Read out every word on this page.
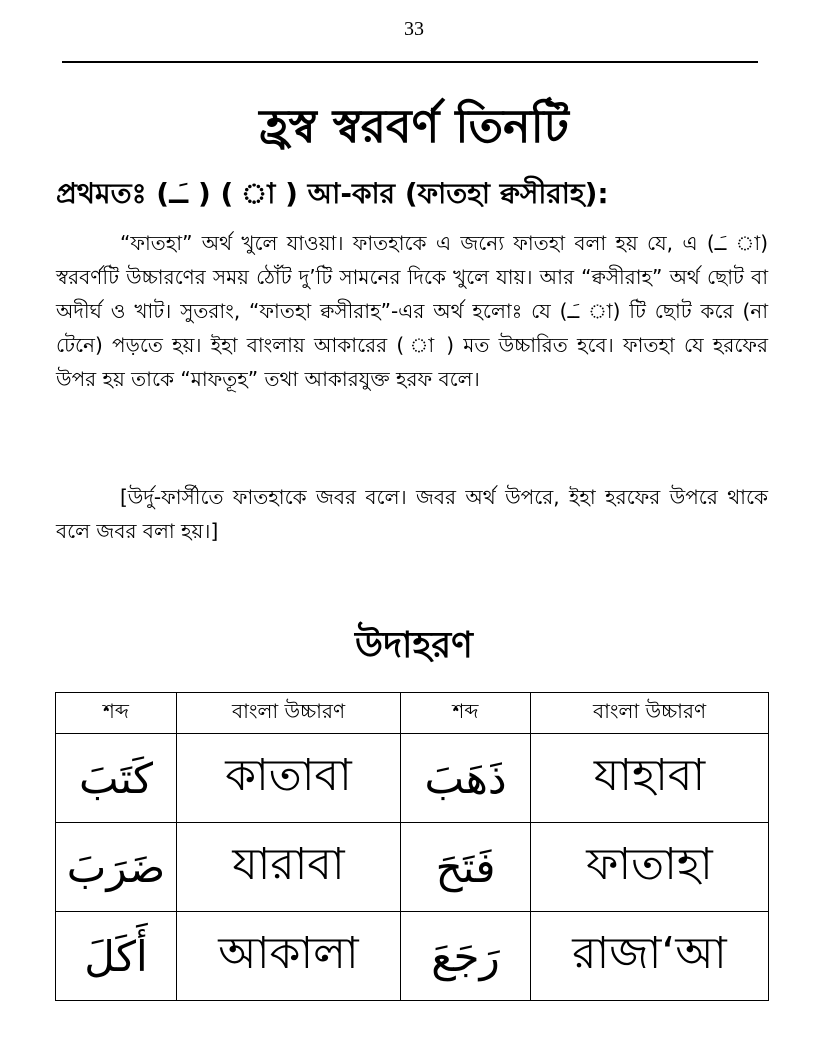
33
হ্রস্ব স্বরবর্ণ তিনটি
প্রথমতঃ (ـَـ ) ( া ) আ-কার (ফাতহা ক্বসীরাহ):
“ফাতহা” অর্থ খুলে যাওয়া। ফাতহাকে এ জন্যে ফাতহা বলা হয় যে, এ (ـَـ া) স্বরবর্ণটি উচ্চারণের সময় ঠোঁট দু’টি সামনের দিকে খুলে যায়। আর “ক্বসীরাহ” অর্থ ছোট বা অদীর্ঘ ও খাট। সুতরাং, “ফাতহা ক্বসীরাহ”-এর অর্থ হলোঃ যে (ـَـ া) টি ছোট করে (না টেনে) পড়তে হয়। ইহা বাংলায় আকারের ( া ) মত উচ্চারিত হবে। ফাতহা যে হরফের উপর হয় তাকে “মাফতূহ” তথা আকারযুক্ত হরফ বলে।
[উর্দু-ফার্সীতে ফাতহাকে জবর বলে। জবর অর্থ উপরে, ইহা হরফের উপরে থাকে বলে জবর বলা হয়।]
উদাহরণ
শব্দ	বাংলা উচ্চারণ	শব্দ	বাংলা উচ্চারণ
كَتَبَ	কাতাবা	ذَهَبَ	যাহাবা
ضَرَبَ	যারাবা	فَتَحَ	ফাতাহা
أَكَلَ	আকালা	رَجَعَ	রাজা‘আ
